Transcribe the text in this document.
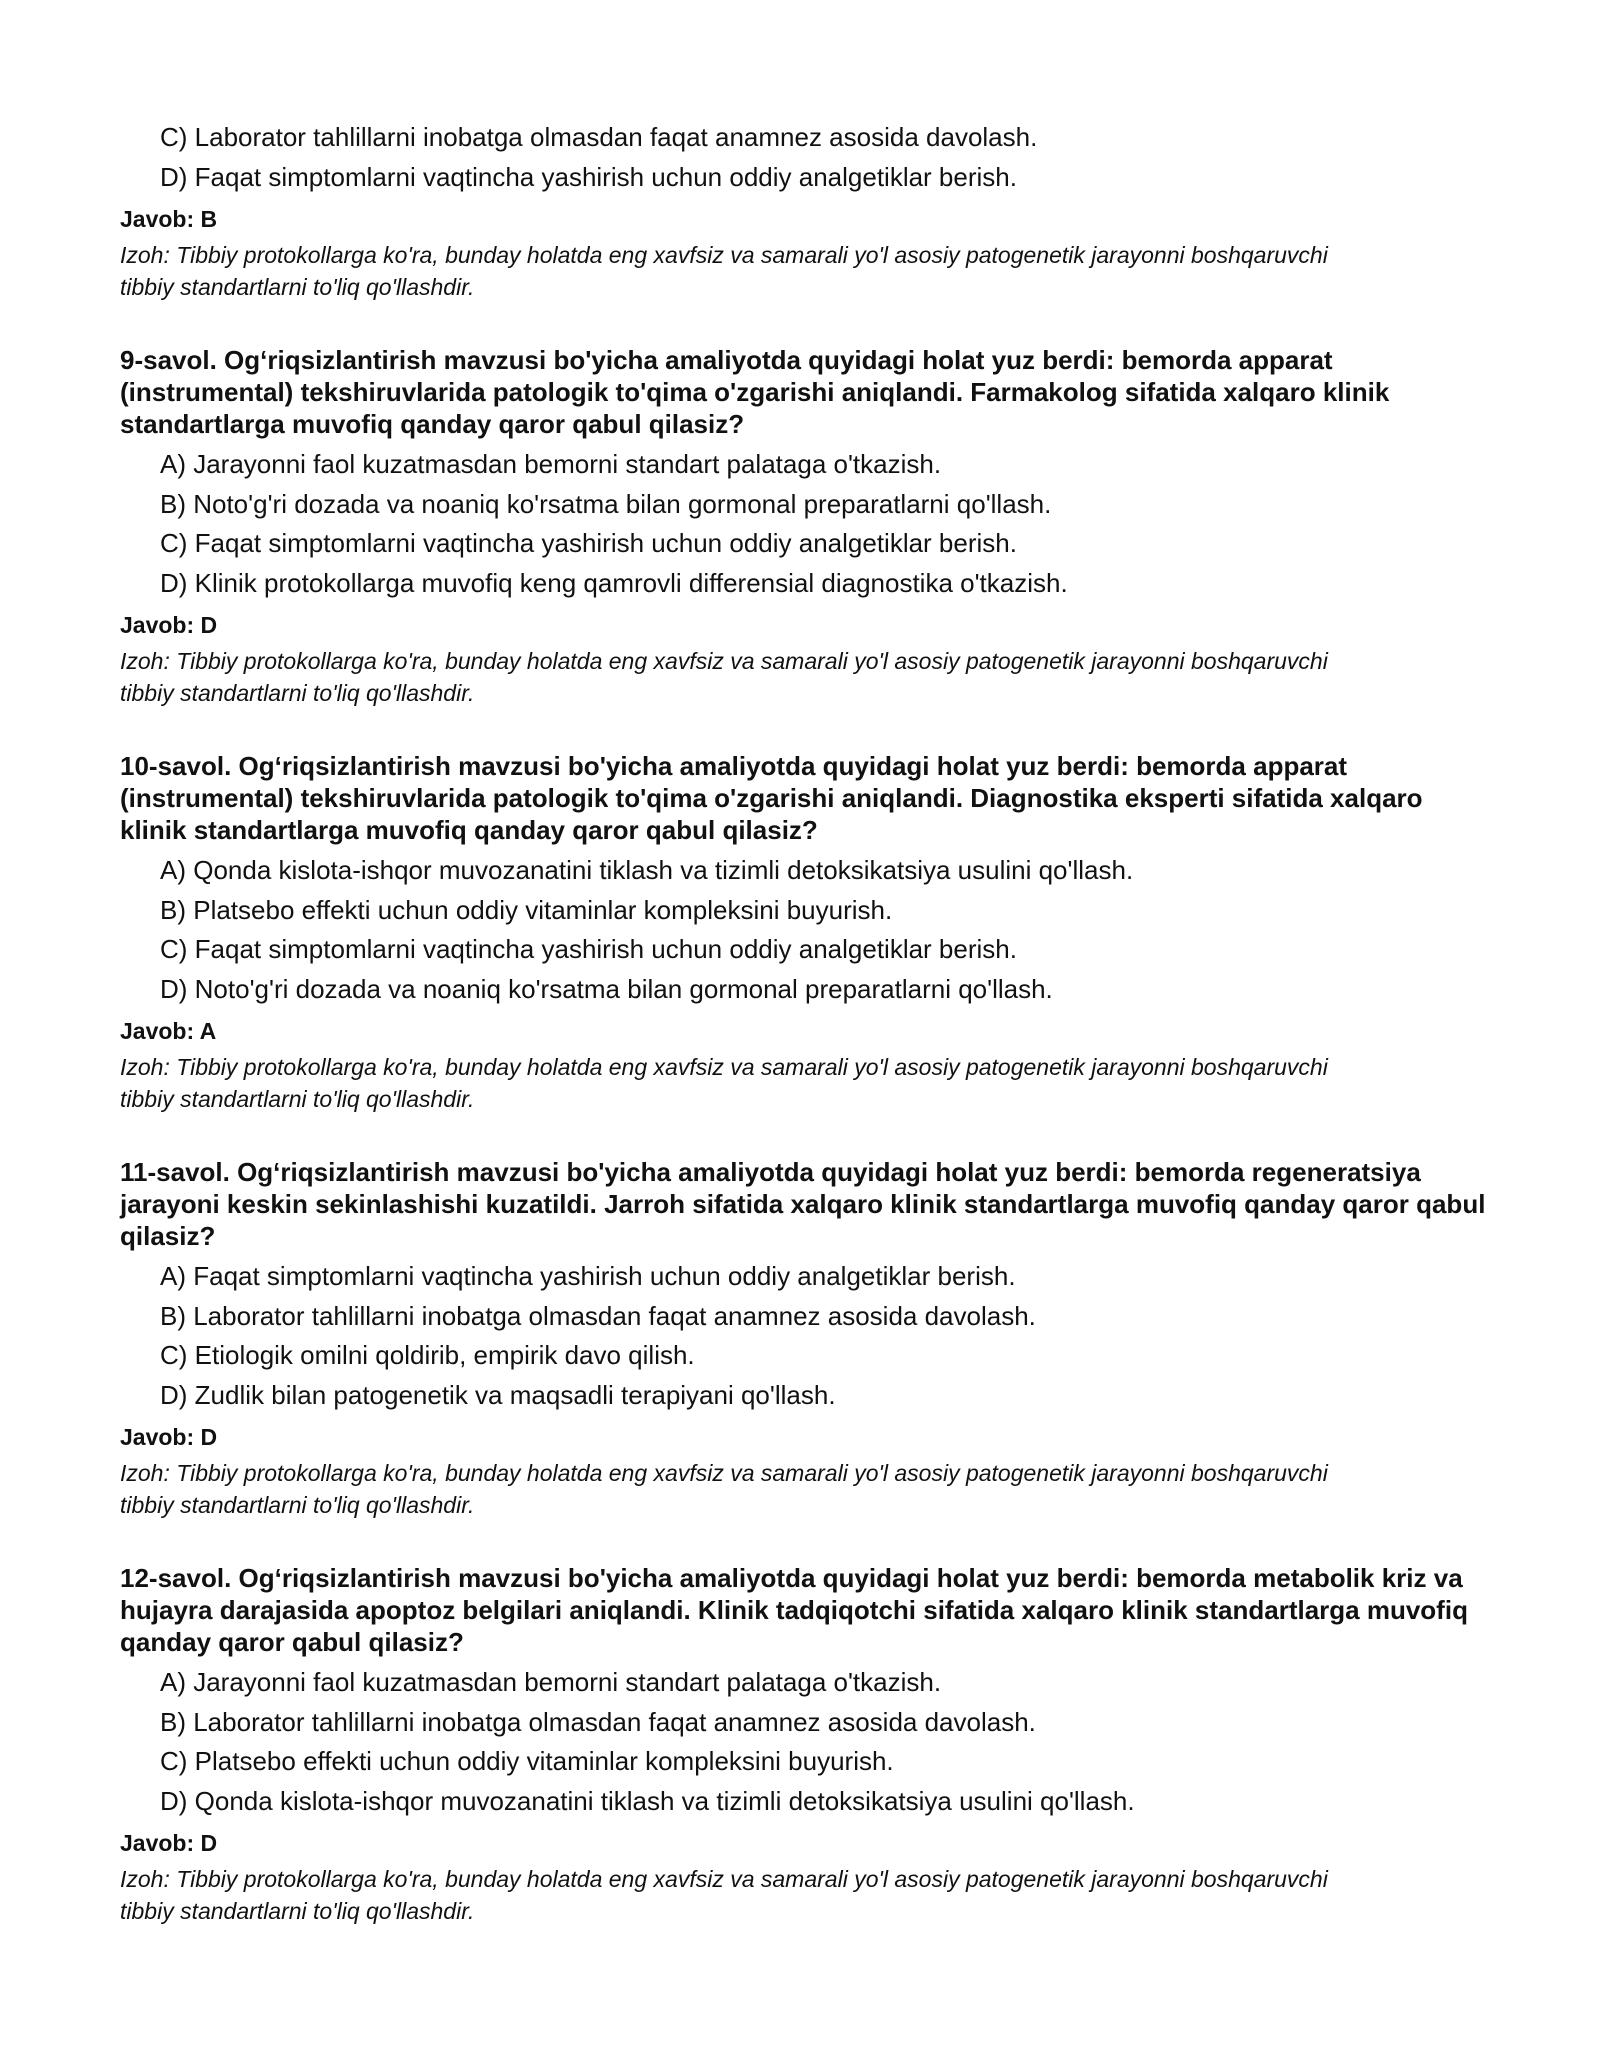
C) Laborator tahlillarni inobatga olmasdan faqat anamnez asosida davolash.
D) Faqat simptomlarni vaqtincha yashirish uchun oddiy analgetiklar berish.
Javob: B
Izoh: Tibbiy protokollarga ko'ra, bunday holatda eng xavfsiz va samarali yo'l asosiy patogenetik jarayonni boshqaruvchi tibbiy standartlarni to'liq qo'llashdir.
9-savol. Og‘riqsizlantirish mavzusi bo'yicha amaliyotda quyidagi holat yuz berdi: bemorda apparat (instrumental) tekshiruvlarida patologik to'qima o'zgarishi aniqlandi. Farmakolog sifatida xalqaro klinik standartlarga muvofiq qanday qaror qabul qilasiz?
A) Jarayonni faol kuzatmasdan bemorni standart palataga o'tkazish.
B) Noto'g'ri dozada va noaniq ko'rsatma bilan gormonal preparatlarni qo'llash.
C) Faqat simptomlarni vaqtincha yashirish uchun oddiy analgetiklar berish.
D) Klinik protokollarga muvofiq keng qamrovli differensial diagnostika o'tkazish.
Javob: D
Izoh: Tibbiy protokollarga ko'ra, bunday holatda eng xavfsiz va samarali yo'l asosiy patogenetik jarayonni boshqaruvchi tibbiy standartlarni to'liq qo'llashdir.
10-savol. Og‘riqsizlantirish mavzusi bo'yicha amaliyotda quyidagi holat yuz berdi: bemorda apparat (instrumental) tekshiruvlarida patologik to'qima o'zgarishi aniqlandi. Diagnostika eksperti sifatida xalqaro klinik standartlarga muvofiq qanday qaror qabul qilasiz?
A) Qonda kislota-ishqor muvozanatini tiklash va tizimli detoksikatsiya usulini qo'llash.
B) Platsebo effekti uchun oddiy vitaminlar kompleksini buyurish.
C) Faqat simptomlarni vaqtincha yashirish uchun oddiy analgetiklar berish.
D) Noto'g'ri dozada va noaniq ko'rsatma bilan gormonal preparatlarni qo'llash.
Javob: A
Izoh: Tibbiy protokollarga ko'ra, bunday holatda eng xavfsiz va samarali yo'l asosiy patogenetik jarayonni boshqaruvchi tibbiy standartlarni to'liq qo'llashdir.
11-savol. Og‘riqsizlantirish mavzusi bo'yicha amaliyotda quyidagi holat yuz berdi: bemorda regeneratsiya jarayoni keskin sekinlashishi kuzatildi. Jarroh sifatida xalqaro klinik standartlarga muvofiq qanday qaror qabul qilasiz?
A) Faqat simptomlarni vaqtincha yashirish uchun oddiy analgetiklar berish.
B) Laborator tahlillarni inobatga olmasdan faqat anamnez asosida davolash.
C) Etiologik omilni qoldirib, empirik davo qilish.
D) Zudlik bilan patogenetik va maqsadli terapiyani qo'llash.
Javob: D
Izoh: Tibbiy protokollarga ko'ra, bunday holatda eng xavfsiz va samarali yo'l asosiy patogenetik jarayonni boshqaruvchi tibbiy standartlarni to'liq qo'llashdir.
12-savol. Og‘riqsizlantirish mavzusi bo'yicha amaliyotda quyidagi holat yuz berdi: bemorda metabolik kriz va hujayra darajasida apoptoz belgilari aniqlandi. Klinik tadqiqotchi sifatida xalqaro klinik standartlarga muvofiq qanday qaror qabul qilasiz?
A) Jarayonni faol kuzatmasdan bemorni standart palataga o'tkazish.
B) Laborator tahlillarni inobatga olmasdan faqat anamnez asosida davolash.
C) Platsebo effekti uchun oddiy vitaminlar kompleksini buyurish.
D) Qonda kislota-ishqor muvozanatini tiklash va tizimli detoksikatsiya usulini qo'llash.
Javob: D
Izoh: Tibbiy protokollarga ko'ra, bunday holatda eng xavfsiz va samarali yo'l asosiy patogenetik jarayonni boshqaruvchi tibbiy standartlarni to'liq qo'llashdir.
